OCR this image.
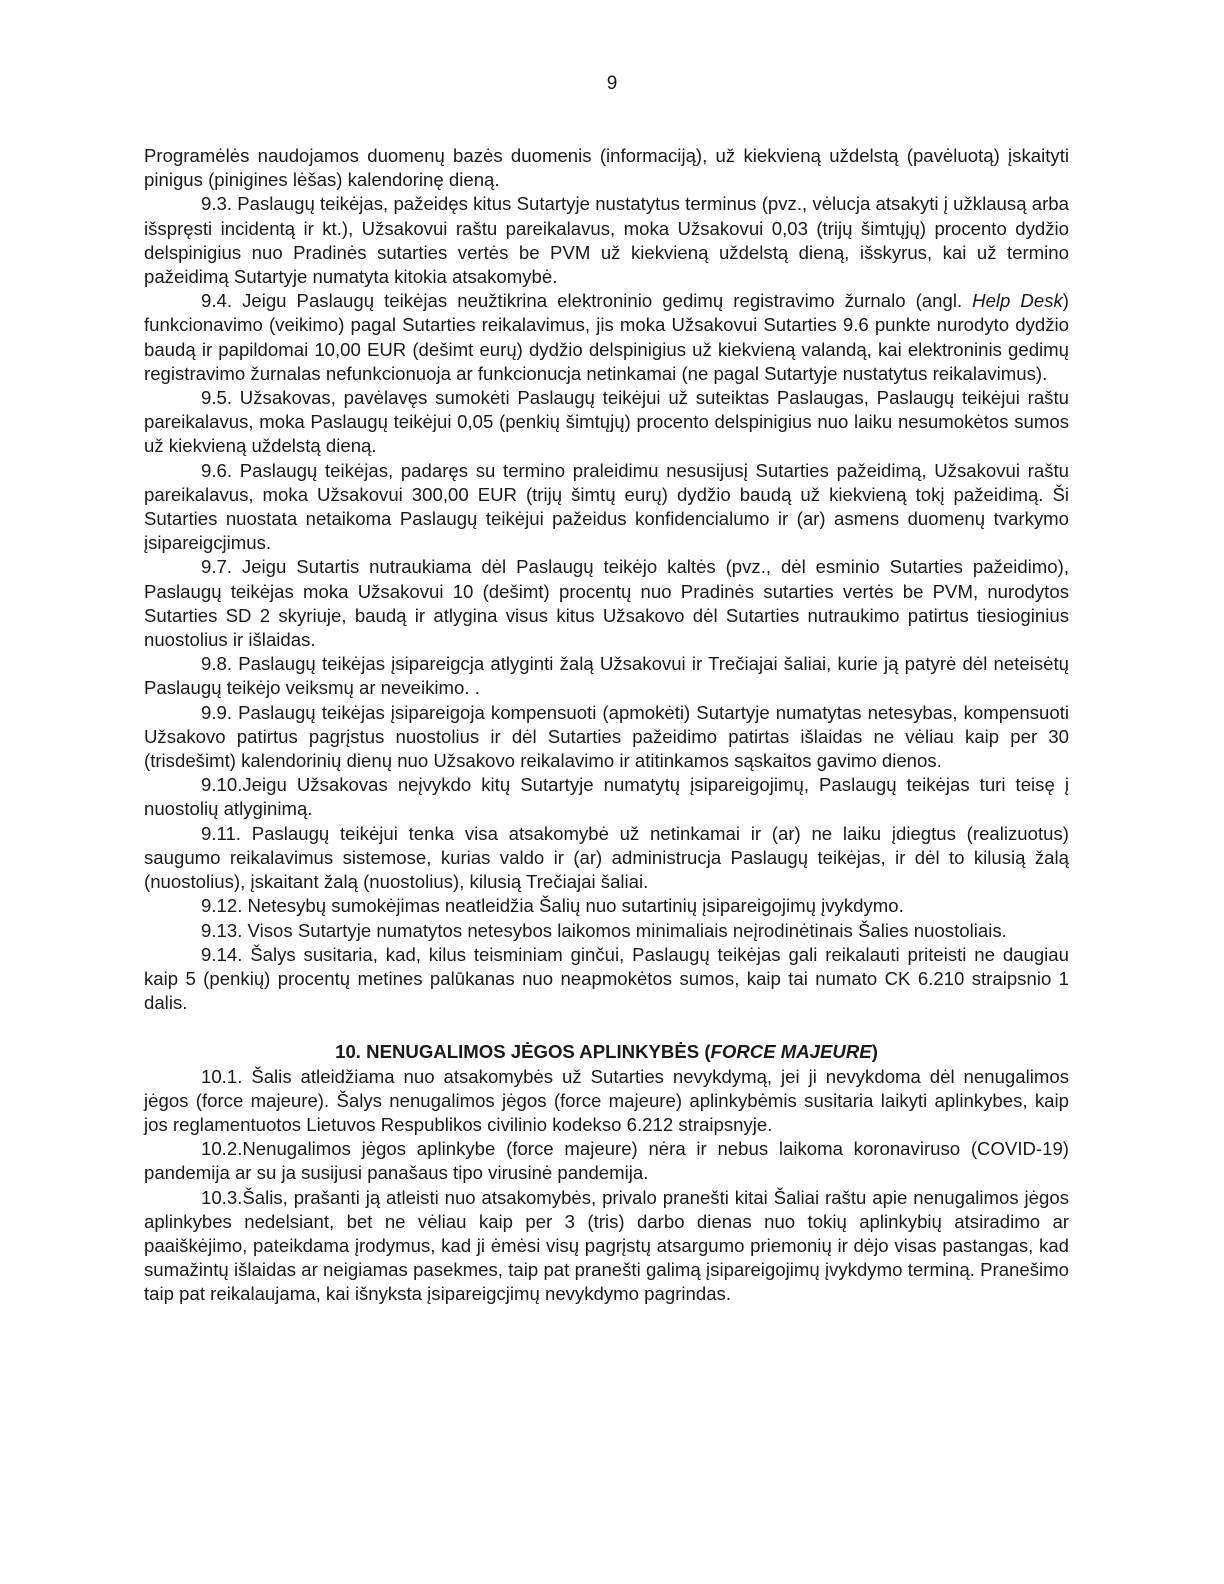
9

Programėlės naudojamos duomenų bazės duomenis (informaciją), už kiekvieną uždelstą (pavėluotą) įskaityti pinigus (pinigines lėšas) kalendorinę dieną.

9.3. Paslaugų teikėjas, pažeidęs kitus Sutartyje nustatytus terminus (pvz., vėlucja atsakyti į užklausą arba išspręsti incidentą ir kt.), Užsakovui raštu pareikalavus, moka Užsakovui 0,03 (trijų šimtųjų) procento dydžio delspinigius nuo Pradinės sutarties vertės be PVM už kiekvieną uždelstą dieną, išskyrus, kai už termino pažeidimą Sutartyje numatyta kitokia atsakomybė.

9.4. Jeigu Paslaugų teikėjas neužtikrina elektroninio gedimų registravimo žurnalo (angl. Help Desk) funkcionavimo (veikimo) pagal Sutarties reikalavimus, jis moka Užsakovui Sutarties 9.6 punkte nurodyto dydžio baudą ir papildomai 10,00 EUR (dešimt eurų) dydžio delspinigius už kiekvieną valandą, kai elektroninis gedimų registravimo žurnalas nefunkcionuoja ar funkcionucja netinkamai (ne pagal Sutartyje nustatytus reikalavimus).

9.5. Užsakovas, pavėlavęs sumokėti Paslaugų teikėjui už suteiktas Paslaugas, Paslaugų teikėjui raštu pareikalavus, moka Paslaugų teikėjui 0,05 (penkių šimtųjų) procento delspinigius nuo laiku nesumokėtos sumos už kiekvieną uždelstą dieną.

9.6. Paslaugų teikėjas, padaręs su termino praleidimu nesusijusį Sutarties pažeidimą, Užsakovui raštu pareikalavus, moka Užsakovui 300,00 EUR (trijų šimtų eurų) dydžio baudą už kiekvieną tokį pažeidimą. Ši Sutarties nuostata netaikoma Paslaugų teikėjui pažeidus konfidencialumo ir (ar) asmens duomenų tvarkymo įsipareigcjimus.

9.7. Jeigu Sutartis nutraukiama dėl Paslaugų teikėjo kaltės (pvz., dėl esminio Sutarties pažeidimo), Paslaugų teikėjas moka Užsakovui 10 (dešimt) procentų nuo Pradinės sutarties vertės be PVM, nurodytos Sutarties SD 2 skyriuje, baudą ir atlygina visus kitus Užsakovo dėl Sutarties nutraukimo patirtus tiesioginius nuostolius ir išlaidas.

9.8. Paslaugų teikėjas įsipareigcja atlyginti žalą Užsakovui ir Trečiajai šaliai, kurie ją patyrė dėl neteisėtų Paslaugų teikėjo veiksmų ar neveikimo. .

9.9. Paslaugų teikėjas įsipareigoja kompensuoti (apmokėti) Sutartyje numatytas netesybas, kompensuoti Užsakovo patirtus pagrįstus nuostolius ir dėl Sutarties pažeidimo patirtas išlaidas ne vėliau kaip per 30 (trisdešimt) kalendorinių dienų nuo Užsakovo reikalavimo ir atitinkamos sąskaitos gavimo dienos.

9.10.Jeigu Užsakovas neįvykdo kitų Sutartyje numatytų įsipareigojimų, Paslaugų teikėjas turi teisę į nuostolių atlyginimą.

9.11. Paslaugų teikėjui tenka visa atsakomybė už netinkamai ir (ar) ne laiku įdiegtus (realizuotus) saugumo reikalavimus sistemose, kurias valdo ir (ar) administrucja Paslaugų teikėjas, ir dėl to kilusią žalą (nuostolius), įskaitant žalą (nuostolius), kilusią Trečiajai šaliai.

9.12. Netesybų sumokėjimas neatleidžia Šalių nuo sutartinių įsipareigojimų įvykdymo.

9.13. Visos Sutartyje numatytos netesybos laikomos minimaliais neįrodinėtinais Šalies nuostoliais.

9.14. Šalys susitaria, kad, kilus teisminiam ginčui, Paslaugų teikėjas gali reikalauti priteisti ne daugiau kaip 5 (penkių) procentų metines palūkanas nuo neapmokėtos sumos, kaip tai numato CK 6.210 straipsnio 1 dalis.

10. NENUGALIMOS JĖGOS APLINKYBĖS (FORCE MAJEURE)

10.1. Šalis atleidžiama nuo atsakomybės už Sutarties nevykdymą, jei ji nevykdoma dėl nenugalimos jėgos (force majeure). Šalys nenugalimos jėgos (force majeure) aplinkybėmis susitaria laikyti aplinkybes, kaip jos reglamentuotos Lietuvos Respublikos civilinio kodekso 6.212 straipsnyje.

10.2.Nenugalimos jėgos aplinkybe (force majeure) nėra ir nebus laikoma koronaviruso (COVID-19) pandemija ar su ja susijusi panašaus tipo virusinė pandemija.

10.3.Šalis, prašanti ją atleisti nuo atsakomybės, privalo pranešti kitai Šaliai raštu apie nenugalimos jėgos aplinkybes nedelsiant, bet ne vėliau kaip per 3 (tris) darbo dienas nuo tokių aplinkybių atsiradimo ar paaiškėjimo, pateikdama įrodymus, kad ji ėmėsi visų pagrįstų atsargumo priemonių ir dėjo visas pastangas, kad sumažintų išlaidas ar neigiamas pasekmes, taip pat pranešti galimą įsipareigojimų įvykdymo terminą. Pranešimo taip pat reikalaujama, kai išnyksta įsipareigcjimų nevykdymo pagrindas.
